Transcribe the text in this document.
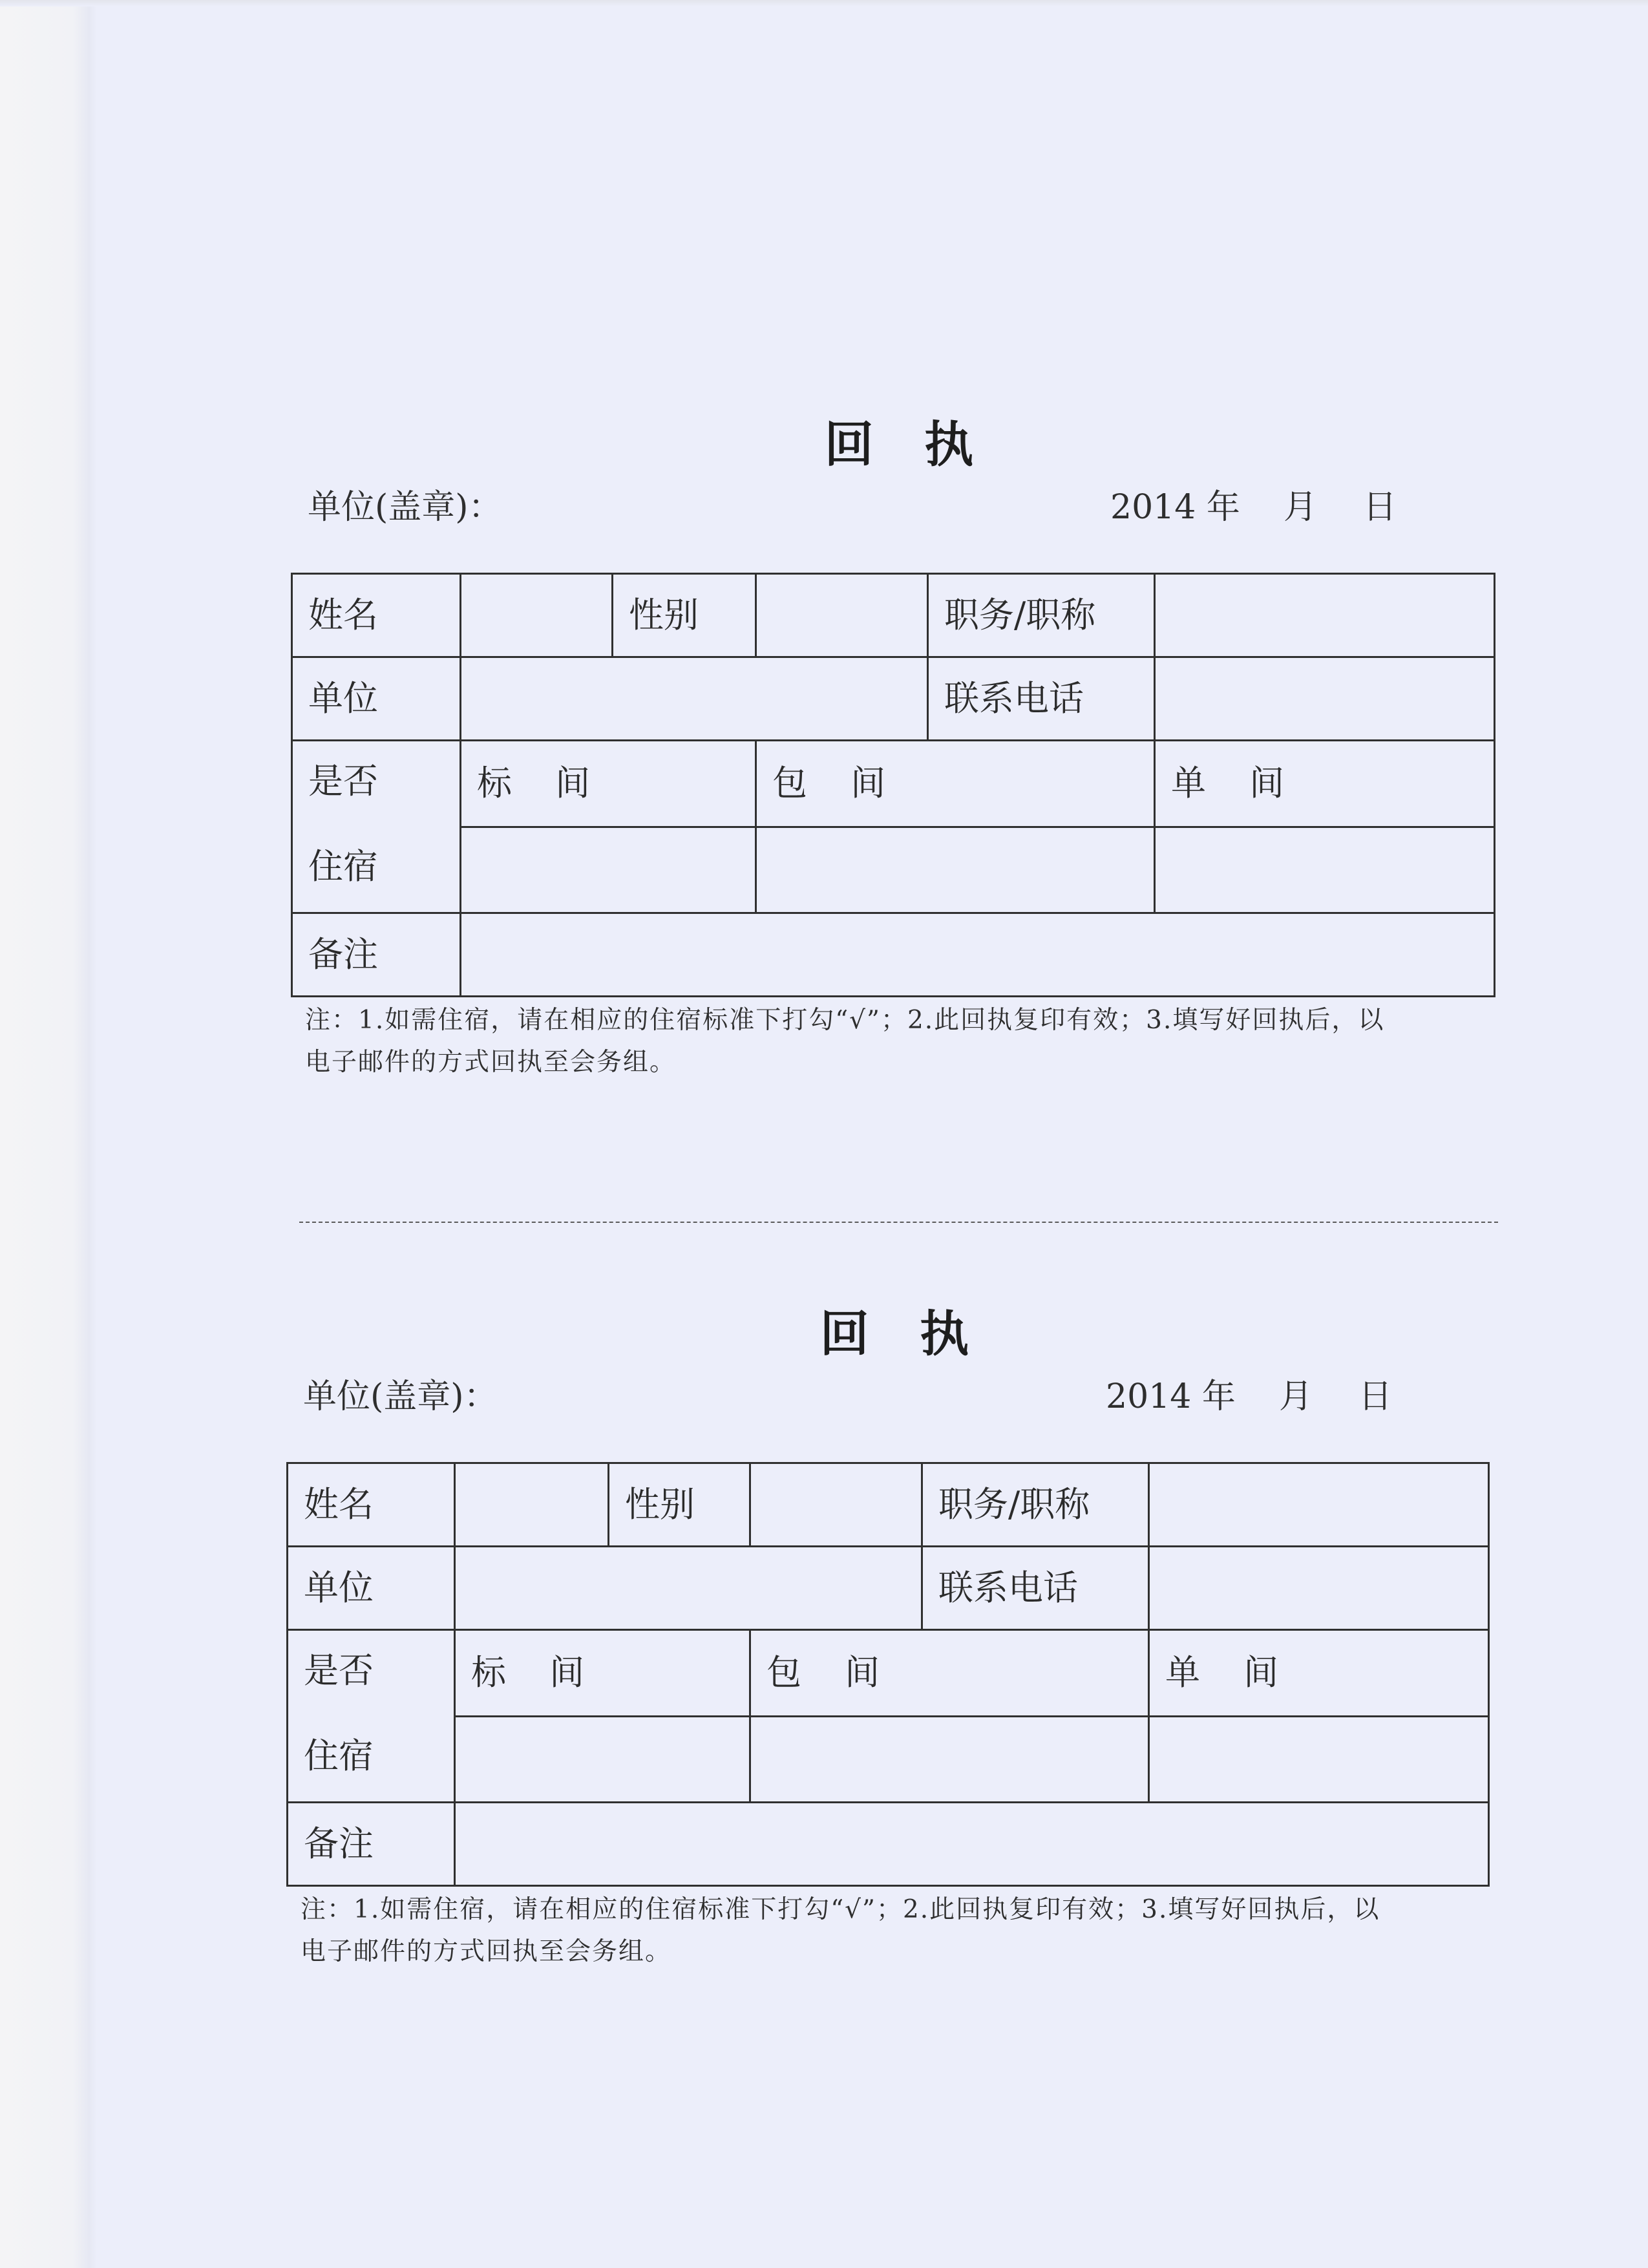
回 执
单位(盖章)：	2014 年 月 日
姓名		性别		职务/职称	
单位				联系电话	

是否
住宿	标 间		包 间		单 间

备注					
注：1.如需住宿，请在相应的住宿标准下打勾“√”；2.此回执复印有效；3.填写好回执后，以
电子邮件的方式回执至会务组。
回 执
单位(盖章)：	2014 年 月 日
姓名		性别		职务/职称	
单位				联系电话	

是否
住宿	标 间		包 间		单 间

备注					
注：1.如需住宿，请在相应的住宿标准下打勾“√”；2.此回执复印有效；3.填写好回执后，以
电子邮件的方式回执至会务组。
